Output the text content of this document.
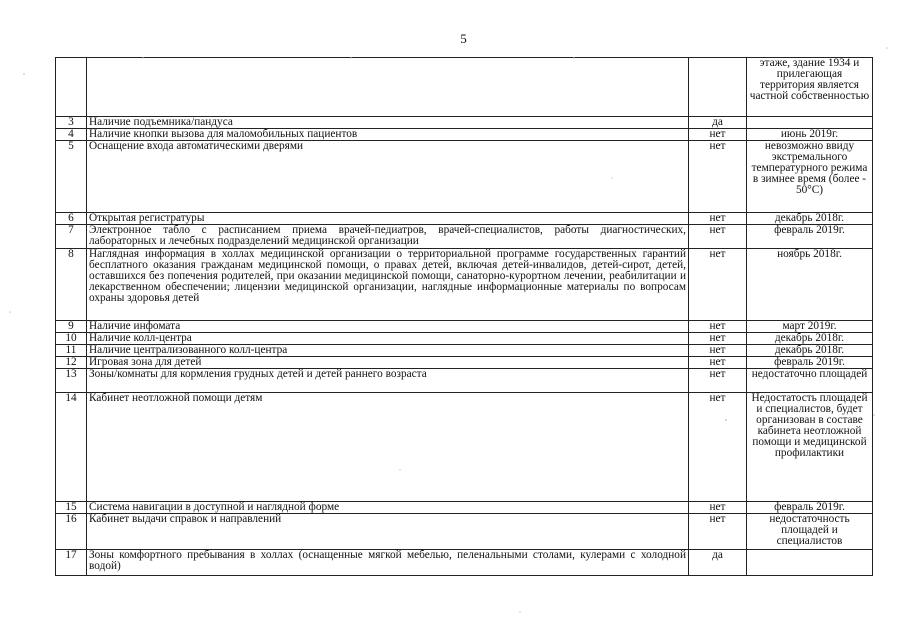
5
			этаже, здание 1934 и прилегающая территория является частной собственностью
3	Наличие подъемника/пандуса	да	
4	Наличие кнопки вызова для маломобильных пациентов	нет	июнь 2019г.
5	Оснащение входа автоматическими дверями	нет	невозможно ввиду экстремального температурного режима в зимнее время (более - 50°С)
6	Открытая регистратуры	нет	декабрь 2018г.
7	Электронное табло с расписанием приема врачей-педиатров, врачей-специалистов, работы диагностических, лабораторных и лечебных подразделений медицинской организации	нет	февраль 2019г.
8	Наглядная информация в холлах медицинской организации о территориальной программе государственных гарантий бесплатного оказания гражданам медицинской помощи, о правах детей, включая детей-инвалидов, детей-сирот, детей, оставшихся без попечения родителей, при оказании медицинской помощи, санаторно-курортном лечении, реабилитации и лекарственном обеспечении; лицензии медицинской организации, наглядные информационные материалы по вопросам охраны здоровья детей	нет	ноябрь 2018г.
9	Наличие инфомата	нет	март 2019г.
10	Наличие колл-центра	нет	декабрь 2018г.
11	Наличие централизованного колл-центра	нет	декабрь 2018г.
12	Игровая зона для детей	нет	февраль 2019г.
13	Зоны/комнаты для кормления грудных детей и детей раннего возраста	нет	недостаточно площадей
14	Кабинет неотложной помощи детям	нет	Недостатость площадей и специалистов, будет организован в составе кабинета неотложной помощи и медицинской профилактики
15	Система навигации в доступной и наглядной форме	нет	февраль 2019г.
16	Кабинет выдачи справок и направлений	нет	недостаточность площадей и специалистов
17	Зоны комфортного пребывания в холлах (оснащенные мягкой мебелью, пеленальными столами, кулерами с холодной водой)	да	
